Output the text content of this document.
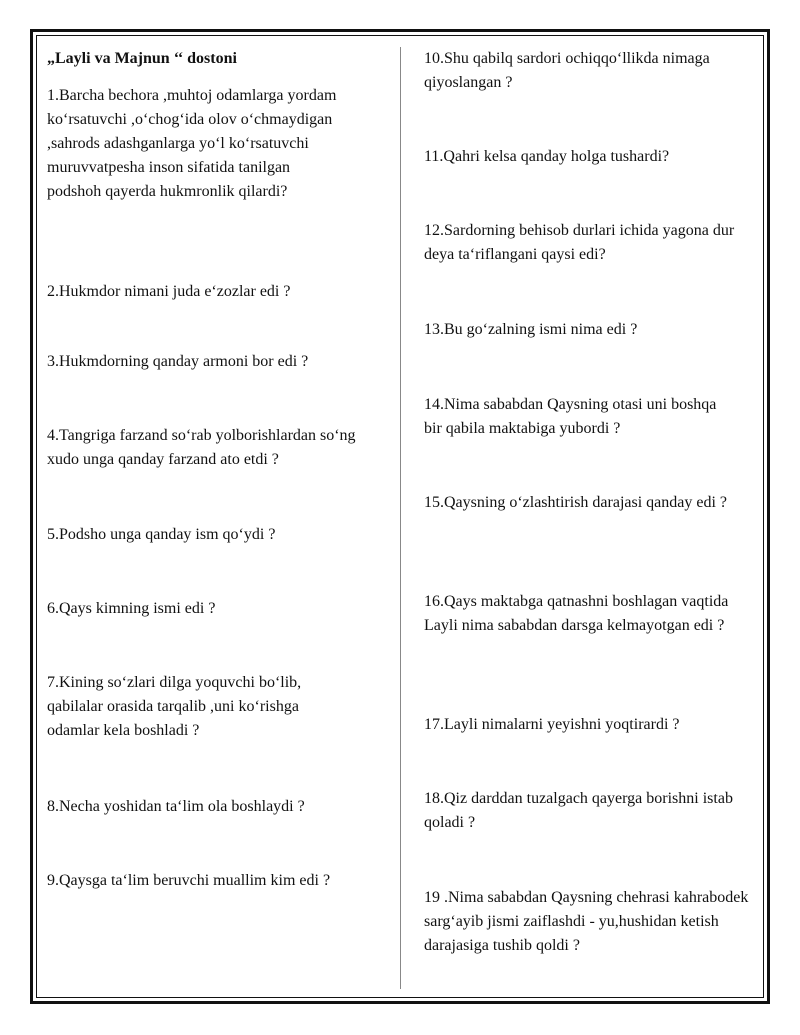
„Layli va Majnun ‘‘ dostoni

1.Barcha bechora ,muhtoj odamlarga yordam ko‘rsatuvchi ,o‘chog‘ida olov o‘chmaydigan ,sahrods adashganlarga yo‘l ko‘rsatuvchi muruvvatpesha inson sifatida tanilgan podshoh qayerda hukmronlik qilardi?

2.Hukmdor nimani juda e‘zozlar edi ?

3.Hukmdorning qanday armoni bor edi ?

4.Tangriga farzand so‘rab yolborishlardan so‘ng xudo unga qanday farzand ato etdi ?

5.Podsho unga qanday ism qo‘ydi ?

6.Qays kimning ismi edi ?

7.Kining so‘zlari dilga yoquvchi bo‘lib, qabilalar orasida tarqalib ,uni ko‘rishga odamlar kela boshladi ?

8.Necha yoshidan ta‘lim ola boshlaydi ?

9.Qaysga ta‘lim beruvchi muallim kim edi ?

10.Shu qabilq sardori ochiqqo‘llikda nimaga qiyoslangan ?

11.Qahri kelsa qanday holga tushardi?

12.Sardorning behisob durlari ichida yagona dur deya ta‘riflangani qaysi edi?

13.Bu go‘zalning ismi nima edi ?

14.Nima sababdan Qaysning otasi uni boshqa bir qabila maktabiga yubordi ?

15.Qaysning o‘zlashtirish darajasi qanday edi ?

16.Qays maktabga qatnashni boshlagan vaqtida Layli nima sababdan darsga kelmayotgan edi ?

17.Layli nimalarni yeyishni yoqtirardi ?

18.Qiz darddan tuzalgach qayerga borishni istab qoladi ?

19 .Nima sababdan Qaysning chehrasi kahrabodek sarg‘ayib jismi zaiflashdi - yu,hushidan ketish darajasiga tushib qoldi ?
